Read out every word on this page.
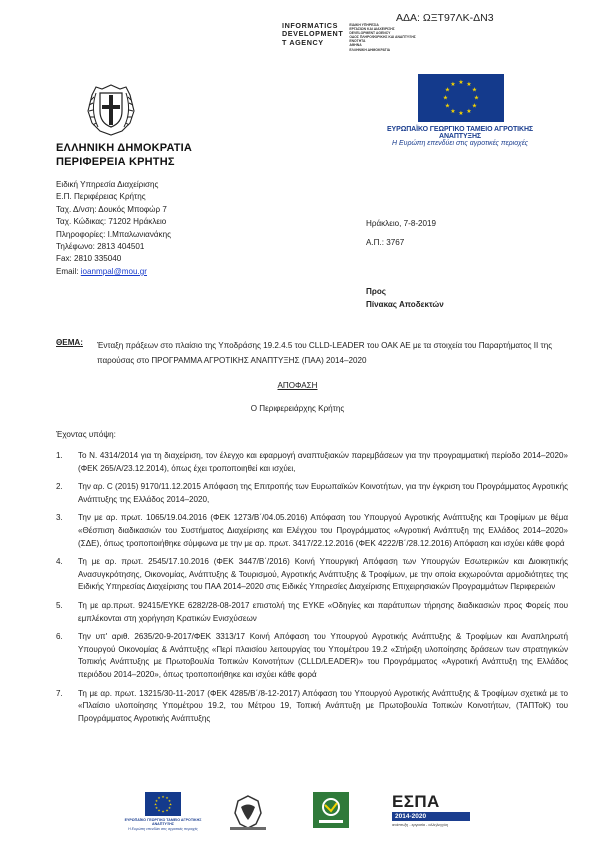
ΑΔΑ: ΩΞΤ97ΛΚ-ΔΝ3
INFORMATICS
DEVELOPMENT
T AGENCY
ΕΙΔΙΚΗ ΥΠΗΡΕΣΙΑ
ΕΡΓΑΣΙΩΝ ΚΑΙ ΔΙΑΧΕΙΡΙΣΗΣ
DEVELOPMENT AGENCY
ΟΔΟΣ ΠΛΗΡΟΦΟΡΙΚΗΣ ΚΑΙ ΑΝΑΠΤΥΞΗΣ
ΕΝΟΤΗΤΑ
ΑΘΗΝΑ
ΕΛΛΗΝΙΚΗ ΔΗΜΟΚΡΑΤΙΑ
★ ★
★
★
★
★
★
★
★
★
★
★
ΕΥΡΩΠΑΪΚΟ ΓΕΩΡΓΙΚΟ ΤΑΜΕΙΟ ΑΓΡΟΤΙΚΗΣ ΑΝΑΠΤΥΞΗΣ
Η Ευρώπη επενδύει στις αγροτικές περιοχές
ΕΛΛΗΝΙΚΗ ΔΗΜΟΚΡΑΤΙΑ
ΠΕΡΙΦΕΡΕΙΑ ΚΡΗΤΗΣ
Ειδική Υπηρεσία Διαχείρισης
Ε.Π. Περιφέρειας Κρήτης
Ταχ. Δ/νση: Δουκός Μποφώρ 7
Ταχ. Κώδικας: 71202 Ηράκλειο
Πληροφορίες: Ι.Μπαλωνιανάκης
Τηλέφωνο: 2813 404501
Fax: 2810 335040
Email: ioanmpal@mou.gr
Ηράκλειο, 7-8-2019
Α.Π.: 3767
Προς
Πίνακας Αποδεκτών
ΘΕΜΑ: Ένταξη πράξεων στο πλαίσιο της Υποδράσης 19.2.4.5 του CLLD-LEADER του ΟΑΚ ΑΕ με τα στοιχεία του Παραρτήματος ΙΙ της παρούσας στο ΠΡΟΓΡΑΜΜΑ ΑΓΡΟΤΙΚΗΣ ΑΝΑΠΤΥΞΗΣ (ΠΑΑ) 2014–2020
ΑΠΟΦΑΣΗ
Ο Περιφερειάρχης Κρήτης
Έχοντας υπόψη:
1.	Το Ν. 4314/2014 για τη διαχείριση, τον έλεγχο και εφαρμογή αναπτυξιακών παρεμβάσεων για την προγραμματική περίοδο 2014–2020» (ΦΕΚ 265/Α/23.12.2014), όπως έχει τροποποιηθεί και ισχύει,
2.	Την αρ. C (2015) 9170/11.12.2015 Απόφαση της Επιτροπής των Ευρωπαϊκών Κοινοτήτων, για την έγκριση του Προγράμματος Αγροτικής Ανάπτυξης της Ελλάδος 2014–2020,
3.	Την με αρ. πρωτ. 1065/19.04.2016 (ΦΕΚ 1273/Β΄/04.05.2016) Απόφαση του Υπουργού Αγροτικής Ανάπτυξης και Τροφίμων με θέμα «Θέσπιση διαδικασιών του Συστήματος Διαχείρισης και Ελέγχου του Προγράμματος «Αγροτική Ανάπτυξη της Ελλάδος 2014–2020» (ΣΔΕ), όπως τροποποιήθηκε σύμφωνα με την με αρ. πρωτ. 3417/22.12.2016 (ΦΕΚ 4222/Β΄/28.12.2016) Απόφαση και ισχύει κάθε φορά
4.	Τη με αρ. πρωτ. 2545/17.10.2016 (ΦΕΚ 3447/Β΄/2016) Κοινή Υπουργική Απόφαση των Υπουργών Εσωτερικών και Διοικητικής Ανασυγκρότησης, Οικονομίας, Ανάπτυξης & Τουρισμού, Αγροτικής Ανάπτυξης & Τροφίμων, με την οποία εκχωρούνται αρμοδιότητες της Ειδικής Υπηρεσίας Διαχείρισης του ΠΑΑ 2014–2020 στις Ειδικές Υπηρεσίες Διαχείρισης Επιχειρησιακών Προγραμμάτων Περιφερειών
5.	Τη με αρ.πρωτ. 92415/ΕΥΚΕ 6282/28-08-2017 επιστολή της ΕΥΚΕ «Οδηγίες και παράτυπων τήρησης διαδικασιών προς Φορείς που εμπλέκονται στη χορήγηση Κρατικών Ενισχύσεων
6.	Την υπ' αριθ. 2635/20-9-2017/ΦΕΚ 3313/17 Κοινή Απόφαση του Υπουργού Αγροτικής Ανάπτυξης & Τροφίμων και Αναπληρωτή Υπουργού Οικονομίας & Ανάπτυξης «Περί πλαισίου λειτουργίας του Υπομέτρου 19.2 «Στήριξη υλοποίησης δράσεων των στρατηγικών Τοπικής Ανάπτυξης με Πρωτοβουλία Τοπικών Κοινοτήτων (CLLD/LEADER)» του Προγράμματος «Αγροτική Ανάπτυξη της Ελλάδος περιόδου 2014–2020», όπως τροποποιήθηκε και ισχύει κάθε φορά
7.	Τη με αρ. πρωτ. 13215/30-11-2017 (ΦΕΚ 4285/Β΄/8-12-2017) Απόφαση του Υπουργού Αγροτικής Ανάπτυξης & Τροφίμων σχετικά με το «Πλαίσιο υλοποίησης Υπομέτρου 19.2, του Μέτρου 19, Τοπική Ανάπτυξη με Πρωτοβουλία Τοπικών Κοινοτήτων, (ΤΑΠΤοΚ) του Προγράμματος Αγροτικής Ανάπτυξης
★ ★
★
★
★
★
★
★
★
★
★
★
ΕΥΡΩΠΑΪΚΟ ΓΕΩΡΓΙΚΟ ΤΑΜΕΙΟ ΑΓΡΟΤΙΚΗΣ ΑΝΑΠΤΥΞΗΣ
Η Ευρώπη επενδύει στις αγροτικές περιοχές
ΕΣΠΑ
2014-2020
ανάπτυξη - εργασία - αλληλεγγύη
